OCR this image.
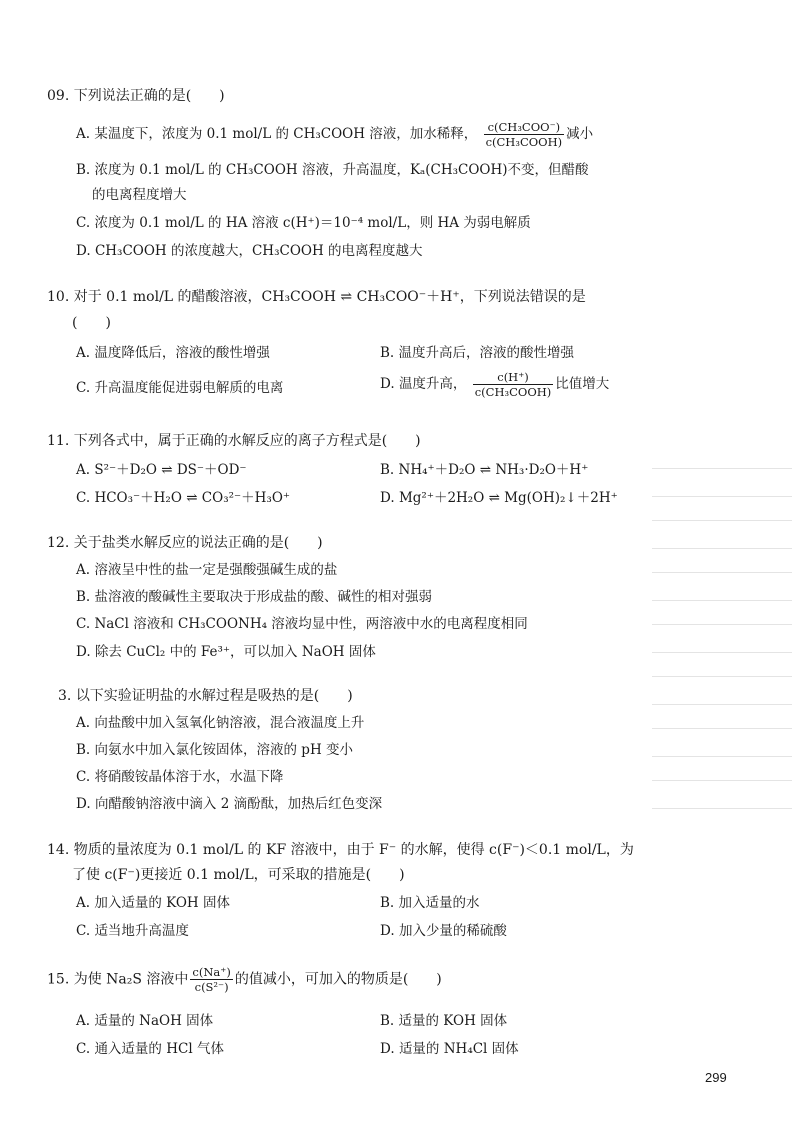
09. 下列说法正确的是(　　)
A. 某温度下，浓度为 0.1 mol/L 的 CH₃COOH 溶液，加水稀释， $\frac{\text{c(CH₃COO⁻)}}{\text{c(CH₃COOH)}}$ 减小
B. 浓度为 0.1 mol/L 的 CH₃COOH 溶液，升高温度，Kₐ(CH₃COOH)不变，但醋酸
的电离程度增大
C. 浓度为 0.1 mol/L 的 HA 溶液 c(H⁺)＝10⁻⁴ mol/L，则 HA 为弱电解质
D. CH₃COOH 的浓度越大，CH₃COOH 的电离程度越大
10. 对于 0.1 mol/L 的醋酸溶液，CH₃COOH ⇌ CH₃COO⁻＋H⁺，下列说法错误的是
(　　)
A. 温度降低后，溶液的酸性增强	B. 温度升高后，溶液的酸性增强
C. 升高温度能促进弱电解质的电离	D. 温度升高， $\frac{c(H^+)}{\text{c(CH₃COOH)}}$ 比值增大
11. 下列各式中，属于正确的水解反应的离子方程式是(　　)
A. S²⁻＋D₂O ⇌ DS⁻＋OD⁻	B. NH₄⁺＋D₂O ⇌ NH₃·D₂O＋H⁺
C. HCO₃⁻＋H₂O ⇌ CO₃²⁻＋H₃O⁺	D. Mg²⁺＋2H₂O ⇌ Mg(OH)₂↓＋2H⁺
12. 关于盐类水解反应的说法正确的是(　　)
A. 溶液呈中性的盐一定是强酸强碱生成的盐
B. 盐溶液的酸碱性主要取决于形成盐的酸、碱性的相对强弱
C. NaCl 溶液和 CH₃COONH₄ 溶液均显中性，两溶液中水的电离程度相同
D. 除去 CuCl₂ 中的 Fe³⁺，可以加入 NaOH 固体
3. 以下实验证明盐的水解过程是吸热的是(　　)
A. 向盐酸中加入氢氧化钠溶液，混合液温度上升
B. 向氨水中加入氯化铵固体，溶液的 pH 变小
C. 将硝酸铵晶体溶于水，水温下降
D. 向醋酸钠溶液中滴入 2 滴酚酞，加热后红色变深
14. 物质的量浓度为 0.1 mol/L 的 KF 溶液中，由于 F⁻ 的水解，使得 c(F⁻)＜0.1 mol/L，为
了使 c(F⁻)更接近 0.1 mol/L，可采取的措施是(　　)
A. 加入适量的 KOH 固体	B. 加入适量的水
C. 适当地升高温度	D. 加入少量的稀硫酸
15. 为使 Na₂S 溶液中 $\frac{c(Na^+)}{\text{c(S²⁻)}}$ 的值减小，可加入的物质是(　　)
A. 适量的 NaOH 固体	B. 适量的 KOH 固体
C. 通入适量的 HCl 气体	D. 适量的 NH₄Cl 固体
299
